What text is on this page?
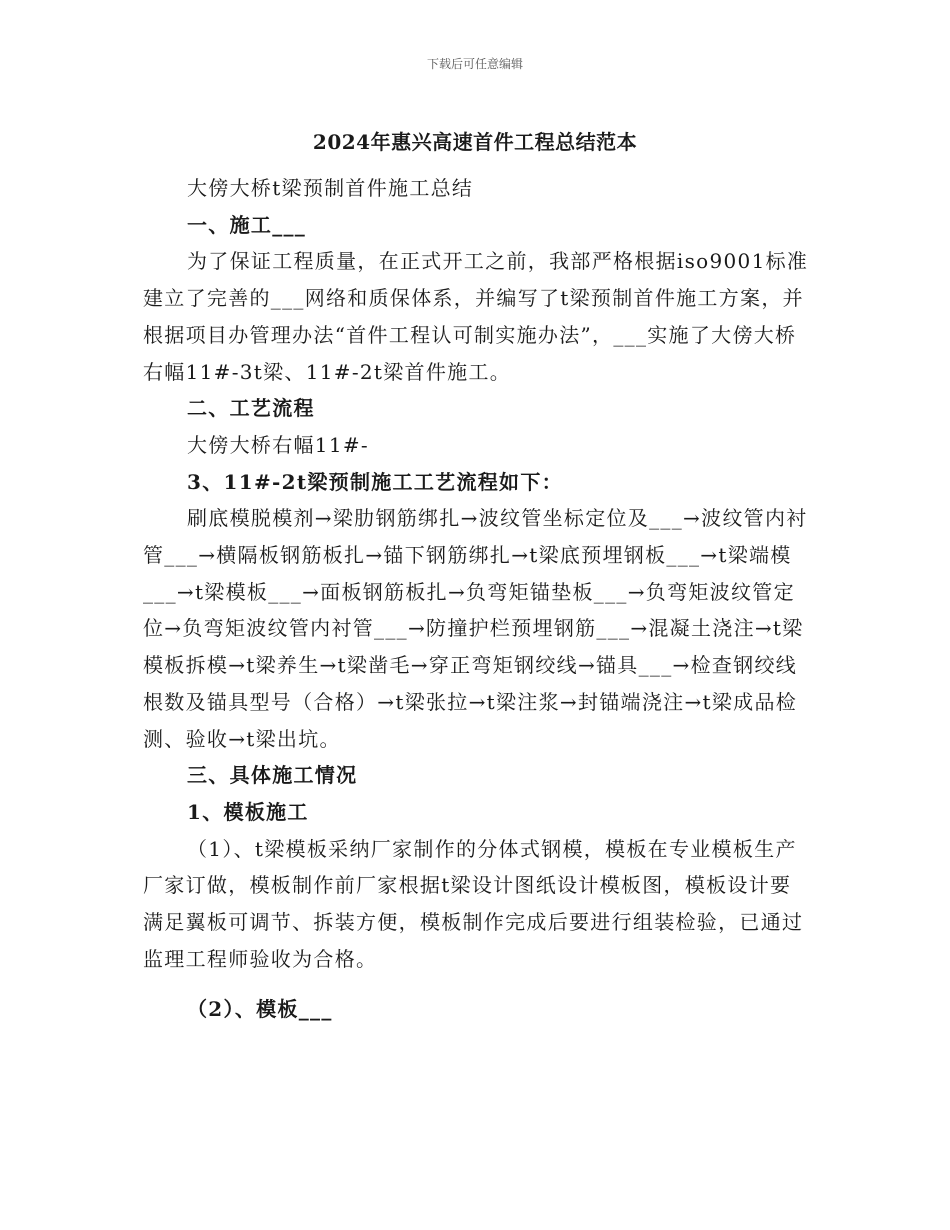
下载后可任意编辑
2024年惠兴高速首件工程总结范本

大傍大桥t梁预制首件施工总结

一、施工___

为了保证工程质量，在正式开工之前，我部严格根据iso9001标准建立了完善的___网络和质保体系，并编写了t梁预制首件施工方案，并根据项目办管理办法“首件工程认可制实施办法”，___实施了大傍大桥右幅11#-3t梁、11#-2t梁首件施工。

二、工艺流程

大傍大桥右幅11#-

3、11#-2t梁预制施工工艺流程如下：

刷底模脱模剂→梁肋钢筋绑扎→波纹管坐标定位及___→波纹管内衬管___→横隔板钢筋板扎→锚下钢筋绑扎→t梁底预埋钢板___→t梁端模___→t梁模板___→面板钢筋板扎→负弯矩锚垫板___→负弯矩波纹管定位→负弯矩波纹管内衬管___→防撞护栏预埋钢筋___→混凝土浇注→t梁模板拆模→t梁养生→t梁凿毛→穿正弯矩钢绞线→锚具___→检查钢绞线根数及锚具型号（合格）→t梁张拉→t梁注浆→封锚端浇注→t梁成品检测、验收→t梁出坑。

三、具体施工情况

1、模板施工

（1）、t梁模板采纳厂家制作的分体式钢模，模板在专业模板生产厂家订做，模板制作前厂家根据t梁设计图纸设计模板图，模板设计要满足翼板可调节、拆装方便，模板制作完成后要进行组装检验，已通过监理工程师验收为合格。

（2）、模板___
